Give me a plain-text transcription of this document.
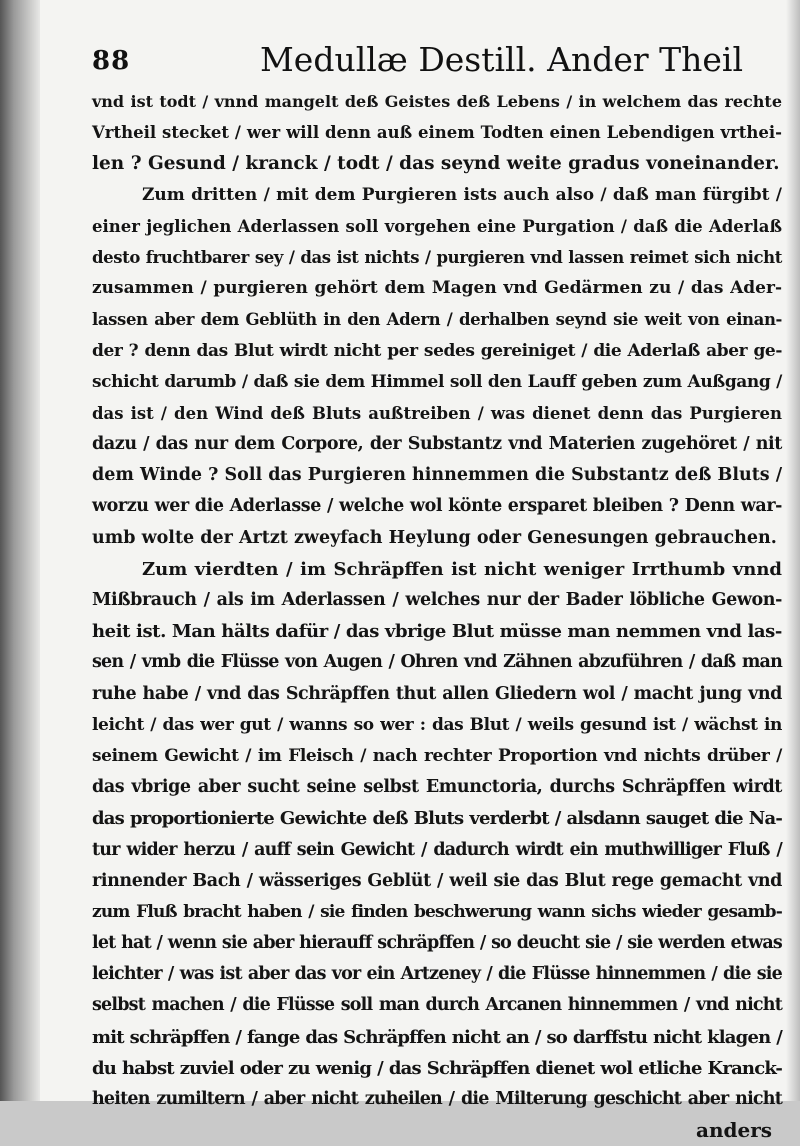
88	Medullæ Destill. Ander Theil
vnd ist todt / vnnd mangelt deß Geistes deß Lebens / in welchem das rechte
Vrtheil stecket / wer will denn auß einem Todten einen Lebendigen vrthei-
len ? Gesund / kranck / todt / das seynd weite gradus voneinander.
Zum dritten / mit dem Purgieren ists auch also / daß man fürgibt /
einer jeglichen Aderlassen soll vorgehen eine Purgation / daß die Aderlaß
desto fruchtbarer sey / das ist nichts / purgieren vnd lassen reimet sich nicht
zusammen / purgieren gehört dem Magen vnd Gedärmen zu / das Ader-
lassen aber dem Geblüth in den Adern / derhalben seynd sie weit von einan-
der ? denn das Blut wirdt nicht per sedes gereiniget / die Aderlaß aber ge-
schicht darumb / daß sie dem Himmel soll den Lauff geben zum Außgang /
das ist / den Wind deß Bluts außtreiben / was dienet denn das Purgieren
dazu / das nur dem Corpore, der Substantz vnd Materien zugehöret / nit
dem Winde ? Soll das Purgieren hinnemmen die Substantz deß Bluts /
worzu wer die Aderlasse / welche wol könte ersparet bleiben ? Denn war-
umb wolte der Artzt zweyfach Heylung oder Genesungen gebrauchen.
Zum vierdten / im Schräpffen ist nicht weniger Irrthumb vnnd
Mißbrauch / als im Aderlassen / welches nur der Bader löbliche Gewon-
heit ist. Man hälts dafür / das vbrige Blut müsse man nemmen vnd las-
sen / vmb die Flüsse von Augen / Ohren vnd Zähnen abzuführen / daß man
ruhe habe / vnd das Schräpffen thut allen Gliedern wol / macht jung vnd
leicht / das wer gut / wanns so wer : das Blut / weils gesund ist / wächst in
seinem Gewicht / im Fleisch / nach rechter Proportion vnd nichts drüber /
das vbrige aber sucht seine selbst Emunctoria, durchs Schräpffen wirdt
das proportionierte Gewichte deß Bluts verderbt / alsdann sauget die Na-
tur wider herzu / auff sein Gewicht / dadurch wirdt ein muthwilliger Fluß /
rinnender Bach / wässeriges Geblüt / weil sie das Blut rege gemacht vnd
zum Fluß bracht haben / sie finden beschwerung wann sichs wieder gesamb-
let hat / wenn sie aber hierauff schräpffen / so deucht sie / sie werden etwas
leichter / was ist aber das vor ein Artzeney / die Flüsse hinnemmen / die sie
selbst machen / die Flüsse soll man durch Arcanen hinnemmen / vnd nicht
mit schräpffen / fange das Schräpffen nicht an / so darffstu nicht klagen /
du habst zuviel oder zu wenig / das Schräpffen dienet wol etliche Kranck-
heiten zumiltern / aber nicht zuheilen / die Milterung geschicht aber nicht
anders
